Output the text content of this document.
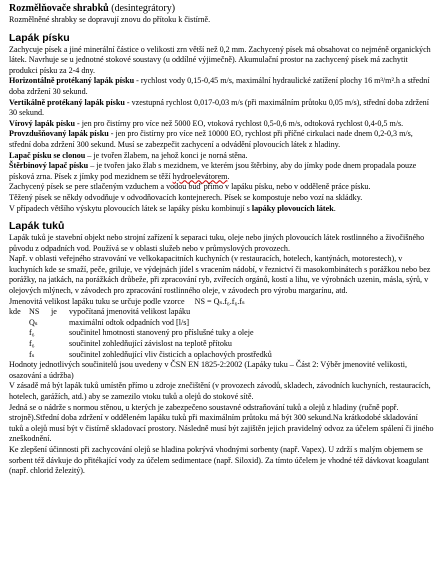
Rozmělňovače shrabků (desintegrátory)

Rozmělněné shrabky se dopravují znovu do přítoku k čistírně.

Lapák písku

Zachycuje písek a jiné minerální částice o velikosti zrn větší než 0,2 mm. Zachycený písek má obsahovat co nejméně organických látek. Navrhuje se u jednotné stokové soustavy (u oddílné výjimečně). Akumulační prostor na zachycený písek má zachytit produkci písku za 2-4 dny.

Horizontálně protékaný lapák písku - rychlost vody 0,15-0,45 m/s, maximální hydraulické zatížení plochy 16 m³/m².h a střední doba zdržení 30 sekund.

Vertikálně protékaný lapák písku - vzestupná rychlost 0,017-0,03 m/s (při maximálním průtoku 0,05 m/s), střední doba zdržení 30 sekund.

Vírový lapák písku - jen pro čistírny pro více než 5000 EO, vtoková rychlost 0,5-0,6 m/s, odtoková rychlost 0,4-0,5 m/s.

Provzdušňovaný lapák písku - jen pro čistírny pro více než 10000 EO, rychlost při příčné cirkulaci nade dnem 0,2-0,3 m/s, střední doba zdržení 300 sekund. Musí se zabezpečit zachycení a odvádění plovoucích látek z hladiny.

Lapač písku se clonou – je tvořen žlabem, na jehož konci je norná stěna.

Štěrbinový lapač písku – je tvořen jako žlab s mezidnem, ve kterém jsou štěrbiny, aby do jímky pode dnem propadala pouze písková zrna. Písek z jímky pod mezidnem se těží hydroelevátorem.

Zachycený písek se pere stlačeným vzduchem a vodou buď přímo v lapáku písku, nebo v odděleně práce písku.

Těžený písek se někdy odvodňuje v odvodňovacích kontejnerech. Písek se kompostuje nebo vozí na skládky.

V případech většího výskytu plovoucích látek se lapáky písku kombinují s lapáky plovoucích látek.

Lapák tuků

Lapák tuků je stavební objekt nebo strojní zařízení k separaci tuku, oleje nebo jiných plovoucích látek rostlinného a živočišného původu z odpadních vod. Používá se v oblasti služeb nebo v průmyslových provozech.

Např. v oblasti veřejného stravování ve velkokapacitních kuchyních (v restauracích, hotelech, kantýnách, motorestech), v kuchyních kde se smaží, peče, griluje, ve výdejnách jídel s vracením nádobí, v řeznictví či masokombinátech s porážkou nebo bez porážky, na jatkách, na porážkách drůbeže, při zpracování ryb, zvířecích orgánů, kostí a lihu, ve výrobnách uzenin, másla, sýrů, v olejových mlýnech, v závodech pro zpracování rostlinného oleje, v závodech pro výrobu margarínu, atd.

Jmenovitá velikost lapáku tuku se určuje podle vzorce NS = Qₛ.f₆.f₆.fₛ

kde	NS	je	vypočítaná jmenovitá velikost lapáku
Qₛ	maximální odtok odpadních vod [l/s]
f₆	součinitel hmotnosti stanovený pro příslušné tuky a oleje
f₆	součinitel zohledňující závislost na teplotě přítoku
fₛ	součinitel zohledňující vliv čisticích a oplachových prostředků

Hodnoty jednotlivých součinitelů jsou uvedeny v ČSN EN 1825-2:2002 (Lapáky tuku – Část 2: Výběr jmenovité velikosti, osazování a údržba)

V zásadě má být lapák tuků umístěn přímo u zdroje znečištění (v provozech závodů, skladech, závodních kuchyních, restauracích, hotelech, garážích, atd.) aby se zamezilo vtoku tuků a olejů do stokové sítě.

Jedná se o nádrže s normou stěnou, u kterých je zabezpečeno soustavné odstraňování tuků a olejů z hladiny (ručně popř. strojně).Střední doba zdržení v odděleném lapáku tuků při maximálním průtoku má být 300 sekund.Na krátkodobé skladování tuků a olejů musí být v čistírně skladovací prostory. Následně musí být zajištěn jejich pravidelný odvoz za účelem spálení či jiného zneškodnění.

Ke zlepšení účinnosti při zachycování olejů se hladina pokrývá vhodnými sorbenty (např. Vapex). U zdrží s malým objemem se sorbent též dávkuje do přitékající vody za účelem sedimentace (např. Siloxid). Za tímto účelem je vhodné též dávkovat koagulant (např. chlorid železitý).
